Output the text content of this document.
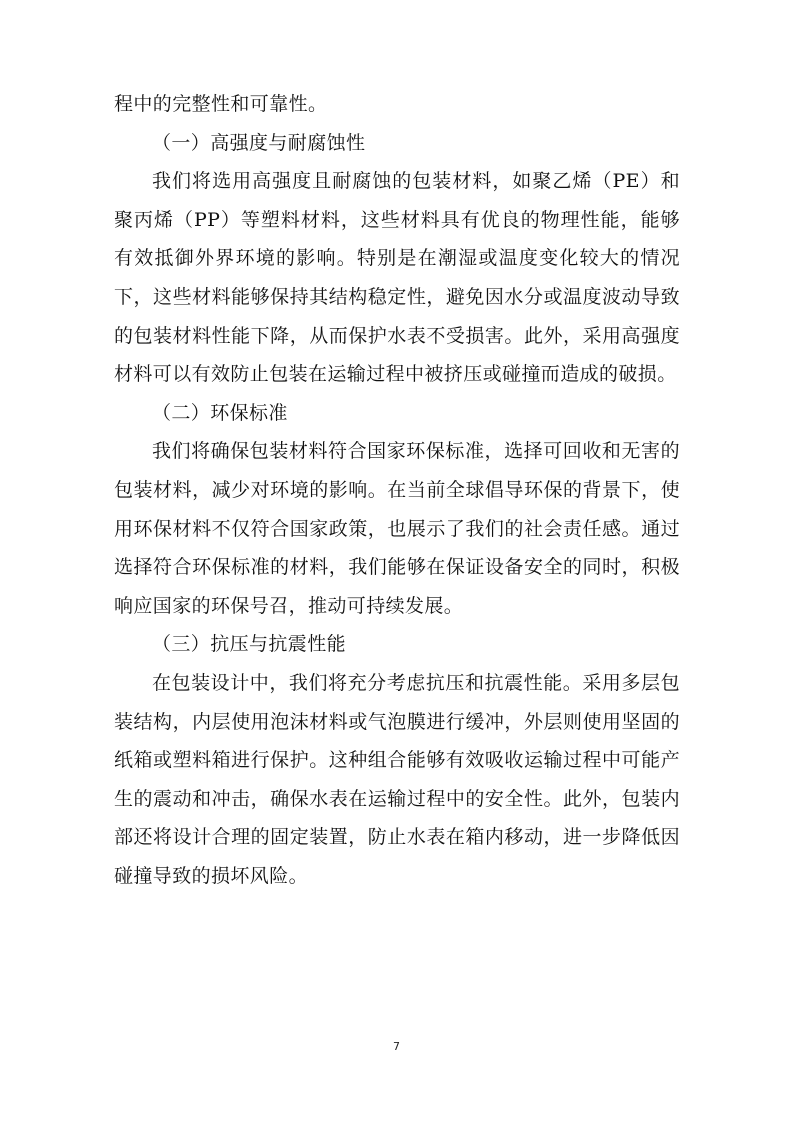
程中的完整性和可靠性。

（一）高强度与耐腐蚀性

我们将选用高强度且耐腐蚀的包装材料，如聚乙烯（PE）和聚丙烯（PP）等塑料材料，这些材料具有优良的物理性能，能够有效抵御外界环境的影响。特别是在潮湿或温度变化较大的情况下，这些材料能够保持其结构稳定性，避免因水分或温度波动导致的包装材料性能下降，从而保护水表不受损害。此外，采用高强度材料可以有效防止包装在运输过程中被挤压或碰撞而造成的破损。

（二）环保标准

我们将确保包装材料符合国家环保标准，选择可回收和无害的包装材料，减少对环境的影响。在当前全球倡导环保的背景下，使用环保材料不仅符合国家政策，也展示了我们的社会责任感。通过选择符合环保标准的材料，我们能够在保证设备安全的同时，积极响应国家的环保号召，推动可持续发展。

（三）抗压与抗震性能

在包装设计中，我们将充分考虑抗压和抗震性能。采用多层包装结构，内层使用泡沫材料或气泡膜进行缓冲，外层则使用坚固的纸箱或塑料箱进行保护。这种组合能够有效吸收运输过程中可能产生的震动和冲击，确保水表在运输过程中的安全性。此外，包装内部还将设计合理的固定装置，防止水表在箱内移动，进一步降低因碰撞导致的损坏风险。

7
